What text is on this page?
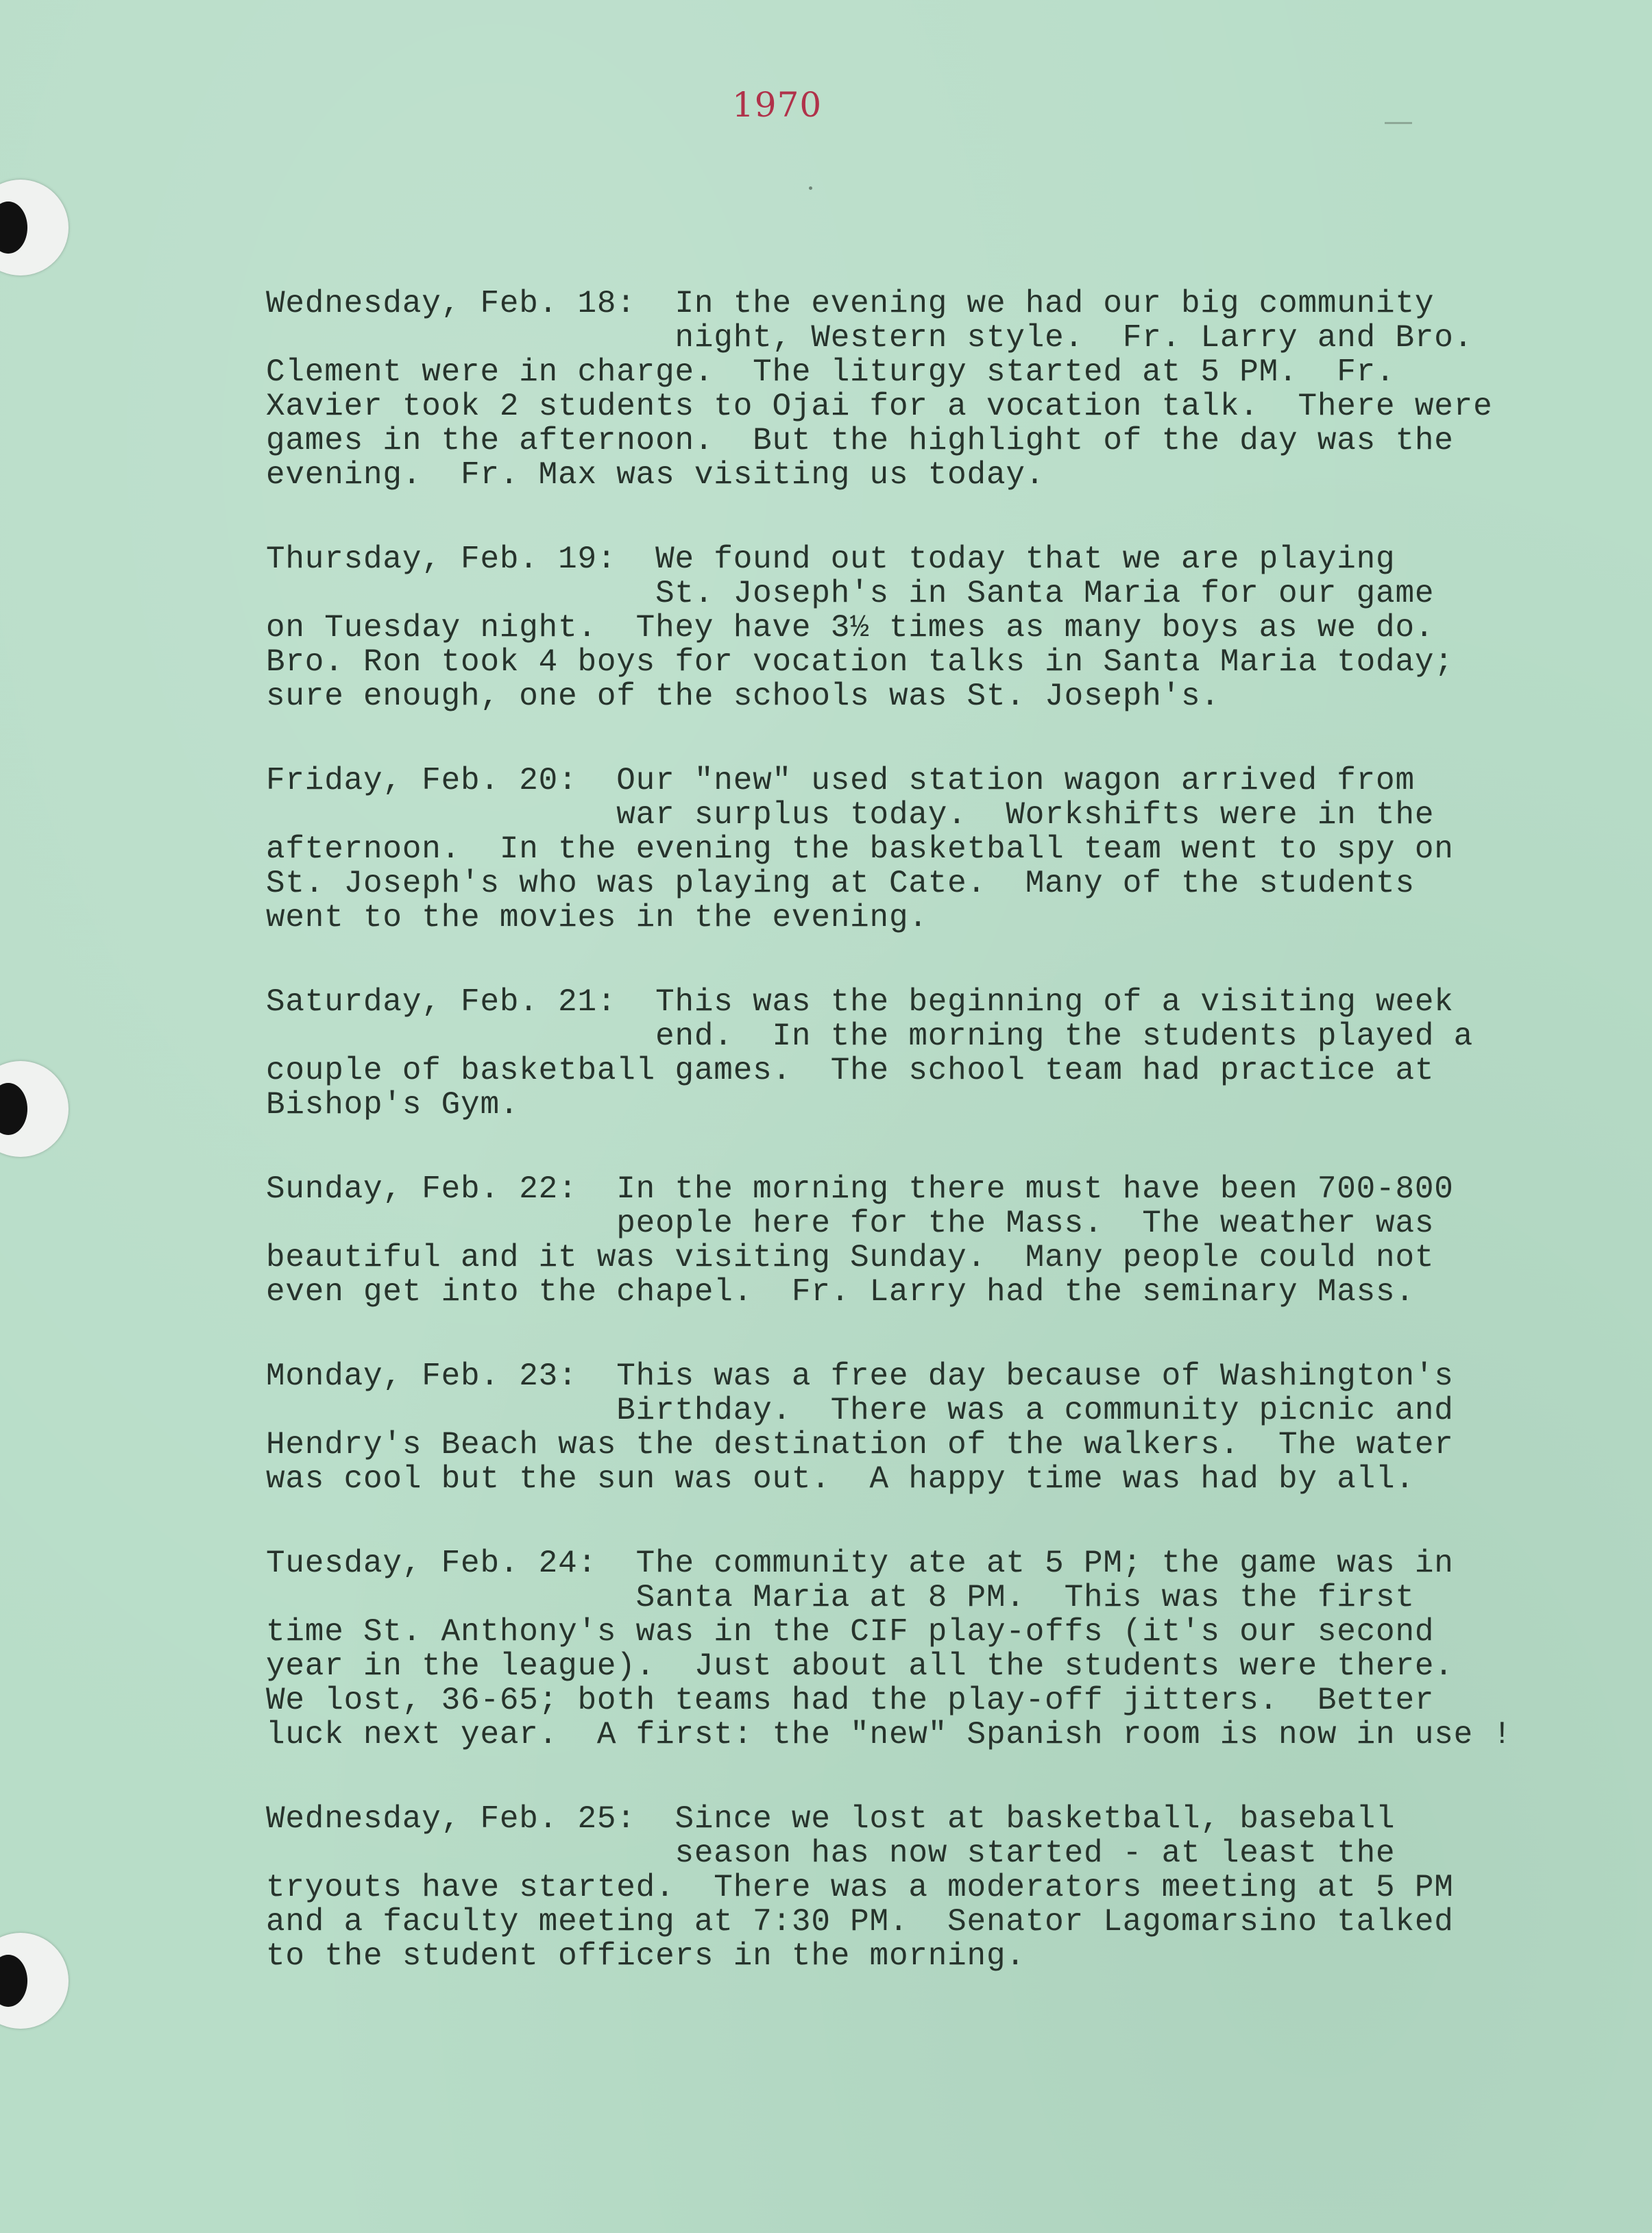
1970
Wednesday, Feb. 18:  In the evening we had our big community
night, Western style.  Fr. Larry and Bro.
Clement were in charge.  The liturgy started at 5 PM.  Fr.
Xavier took 2 students to Ojai for a vocation talk.  There were
games in the afternoon.  But the highlight of the day was the
evening.  Fr. Max was visiting us today.
Thursday, Feb. 19:  We found out today that we are playing
St. Joseph's in Santa Maria for our game
on Tuesday night.  They have 3½ times as many boys as we do.
Bro. Ron took 4 boys for vocation talks in Santa Maria today;
sure enough, one of the schools was St. Joseph's.
Friday, Feb. 20:  Our "new" used station wagon arrived from
war surplus today.  Workshifts were in the
afternoon.  In the evening the basketball team went to spy on
St. Joseph's who was playing at Cate.  Many of the students
went to the movies in the evening.
Saturday, Feb. 21:  This was the beginning of a visiting week
end.  In the morning the students played a
couple of basketball games.  The school team had practice at
Bishop's Gym.
Sunday, Feb. 22:  In the morning there must have been 700-800
people here for the Mass.  The weather was
beautiful and it was visiting Sunday.  Many people could not
even get into the chapel.  Fr. Larry had the seminary Mass.
Monday, Feb. 23:  This was a free day because of Washington's
Birthday.  There was a community picnic and
Hendry's Beach was the destination of the walkers.  The water
was cool but the sun was out.  A happy time was had by all.
Tuesday, Feb. 24:  The community ate at 5 PM; the game was in
Santa Maria at 8 PM.  This was the first
time St. Anthony's was in the CIF play-offs (it's our second
year in the league).  Just about all the students were there.
We lost, 36-65; both teams had the play-off jitters.  Better
luck next year.  A first: the "new" Spanish room is now in use !
Wednesday, Feb. 25:  Since we lost at basketball, baseball
season has now started - at least the
tryouts have started.  There was a moderators meeting at 5 PM
and a faculty meeting at 7:30 PM.  Senator Lagomarsino talked
to the student officers in the morning.
